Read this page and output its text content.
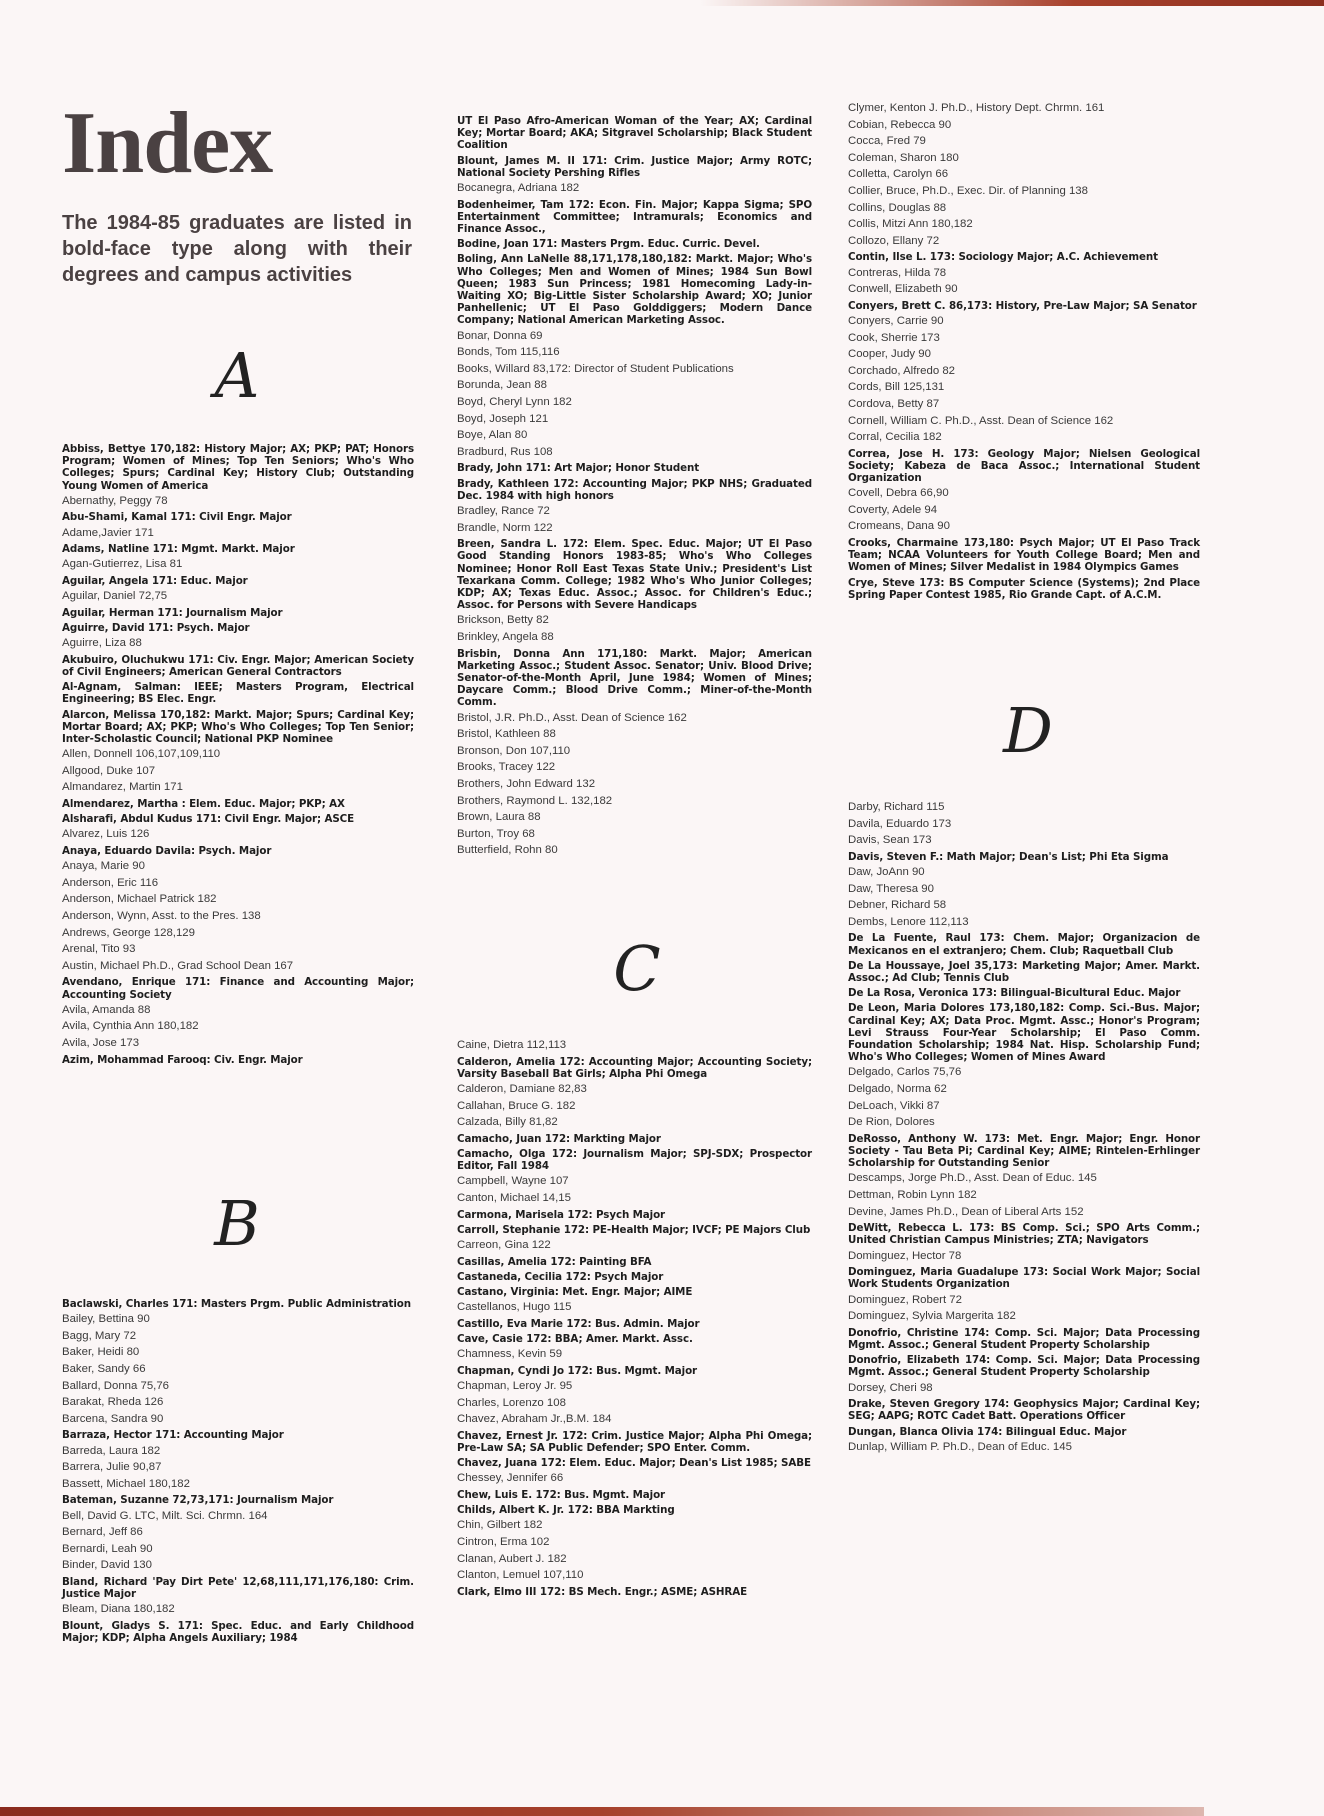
Index
The 1984-85 graduates are listed in bold-face type along with their degrees and campus activities
A
Abbiss, Bettye 170,182: History Major; AX; PKP; PAT; Honors Program; Women of Mines; Top Ten Seniors; Who's Who Colleges; Spurs; Cardinal Key; History Club; Outstanding Young Women of America
Abernathy, Peggy 78
Abu-Shami, Kamal 171: Civil Engr. Major
Adame,Javier 171
Adams, Natline 171: Mgmt. Markt. Major
Agan-Gutierrez, Lisa 81
Aguilar, Angela 171: Educ. Major
Aguilar, Daniel 72,75
Aguilar, Herman 171: Journalism Major
Aguirre, David 171: Psych. Major
Aguirre, Liza 88
Akubuiro, Oluchukwu 171: Civ. Engr. Major; American Society of Civil Engineers; American General Contractors
Al-Agnam, Salman: IEEE; Masters Program, Electrical Engineering; BS Elec. Engr.
Alarcon, Melissa 170,182: Markt. Major; Spurs; Cardinal Key; Mortar Board; AX; PKP; Who's Who Colleges; Top Ten Senior; Inter-Scholastic Council; National PKP Nominee
Allen, Donnell 106,107,109,110
Allgood, Duke 107
Almandarez, Martin 171
Almendarez, Martha : Elem. Educ. Major; PKP; AX
Alsharafi, Abdul Kudus 171: Civil Engr. Major; ASCE
Alvarez, Luis 126
Anaya, Eduardo Davila: Psych. Major
Anaya, Marie 90
Anderson, Eric 116
Anderson, Michael Patrick 182
Anderson, Wynn, Asst. to the Pres. 138
Andrews, George 128,129
Arenal, Tito 93
Austin, Michael Ph.D., Grad School Dean 167
Avendano, Enrique 171: Finance and Accounting Major; Accounting Society
Avila, Amanda 88
Avila, Cynthia Ann 180,182
Avila, Jose 173
Azim, Mohammad Farooq: Civ. Engr. Major
B
Baclawski, Charles 171: Masters Prgm. Public Administration
Bailey, Bettina 90
Bagg, Mary 72
Baker, Heidi 80
Baker, Sandy 66
Ballard, Donna 75,76
Barakat, Rheda 126
Barcena, Sandra 90
Barraza, Hector 171: Accounting Major
Barreda, Laura 182
Barrera, Julie 90,87
Bassett, Michael 180,182
Bateman, Suzanne 72,73,171: Journalism Major
Bell, David G. LTC, Milt. Sci. Chrmn. 164
Bernard, Jeff 86
Bernardi, Leah 90
Binder, David 130
Bland, Richard 'Pay Dirt Pete' 12,68,111,171,176,180: Crim. Justice Major
Bleam, Diana 180,182
Blount, Gladys S. 171: Spec. Educ. and Early Childhood Major; KDP; Alpha Angels Auxiliary; 1984
UT El Paso Afro-American Woman of the Year; AX; Cardinal Key; Mortar Board; AKA; Sitgravel Scholarship; Black Student Coalition
Blount, James M. II 171: Crim. Justice Major; Army ROTC; National Society Pershing Rifles
Bocanegra, Adriana 182
Bodenheimer, Tam 172: Econ. Fin. Major; Kappa Sigma; SPO Entertainment Committee; Intramurals; Economics and Finance Assoc.,
Bodine, Joan 171: Masters Prgm. Educ. Curric. Devel.
Boling, Ann LaNelle 88,171,178,180,182: Markt. Major; Who's Who Colleges; Men and Women of Mines; 1984 Sun Bowl Queen; 1983 Sun Princess; 1981 Homecoming Lady-in-Waiting XO; Big-Little Sister Scholarship Award; XO; Junior Panhellenic; UT El Paso Golddiggers; Modern Dance Company; National American Marketing Assoc.
Bonar, Donna 69
Bonds, Tom 115,116
Books, Willard 83,172: Director of Student Publications
Borunda, Jean 88
Boyd, Cheryl Lynn 182
Boyd, Joseph 121
Boye, Alan 80
Bradburd, Rus 108
Brady, John 171: Art Major; Honor Student
Brady, Kathleen 172: Accounting Major; PKP NHS; Graduated Dec. 1984 with high honors
Bradley, Rance 72
Brandle, Norm 122
Breen, Sandra L. 172: Elem. Spec. Educ. Major; UT El Paso Good Standing Honors 1983-85; Who's Who Colleges Nominee; Honor Roll East Texas State Univ.; President's List Texarkana Comm. College; 1982 Who's Who Junior Colleges; KDP; AX; Texas Educ. Assoc.; Assoc. for Children's Educ.; Assoc. for Persons with Severe Handicaps
Brickson, Betty 82
Brinkley, Angela 88
Brisbin, Donna Ann 171,180: Markt. Major; American Marketing Assoc.; Student Assoc. Senator; Univ. Blood Drive; Senator-of-the-Month April, June 1984; Women of Mines; Daycare Comm.; Blood Drive Comm.; Miner-of-the-Month Comm.
Bristol, J.R. Ph.D., Asst. Dean of Science 162
Bristol, Kathleen 88
Bronson, Don 107,110
Brooks, Tracey 122
Brothers, John Edward 132
Brothers, Raymond L. 132,182
Brown, Laura 88
Burton, Troy 68
Butterfield, Rohn 80
C
Caine, Dietra 112,113
Calderon, Amelia 172: Accounting Major; Accounting Society; Varsity Baseball Bat Girls; Alpha Phi Omega
Calderon, Damiane 82,83
Callahan, Bruce G. 182
Calzada, Billy 81,82
Camacho, Juan 172: Markting Major
Camacho, Olga 172: Journalism Major; SPJ-SDX; Prospector Editor, Fall 1984
Campbell, Wayne 107
Canton, Michael 14,15
Carmona, Marisela 172: Psych Major
Carroll, Stephanie 172: PE-Health Major; IVCF; PE Majors Club
Carreon, Gina 122
Casillas, Amelia 172: Painting BFA
Castaneda, Cecilia 172: Psych Major
Castano, Virginia: Met. Engr. Major; AIME
Castellanos, Hugo 115
Castillo, Eva Marie 172: Bus. Admin. Major
Cave, Casie 172: BBA; Amer. Markt. Assc.
Chamness, Kevin 59
Chapman, Cyndi Jo 172: Bus. Mgmt. Major
Chapman, Leroy Jr. 95
Charles, Lorenzo 108
Chavez, Abraham Jr.,B.M. 184
Chavez, Ernest Jr. 172: Crim. Justice Major; Alpha Phi Omega; Pre-Law SA; SA Public Defender; SPO Enter. Comm.
Chavez, Juana 172: Elem. Educ. Major; Dean's List 1985; SABE
Chessey, Jennifer 66
Chew, Luis E. 172: Bus. Mgmt. Major
Childs, Albert K. Jr. 172: BBA Markting
Chin, Gilbert 182
Cintron, Erma 102
Clanan, Aubert J. 182
Clanton, Lemuel 107,110
Clark, Elmo III 172: BS Mech. Engr.; ASME; ASHRAE
Clymer, Kenton J. Ph.D., History Dept. Chrmn. 161
Cobian, Rebecca 90
Cocca, Fred 79
Coleman, Sharon 180
Colletta, Carolyn 66
Collier, Bruce, Ph.D., Exec. Dir. of Planning 138
Collins, Douglas 88
Collis, Mitzi Ann 180,182
Collozo, Ellany 72
Contin, Ilse L. 173: Sociology Major; A.C. Achievement
Contreras, Hilda 78
Conwell, Elizabeth 90
Conyers, Brett C. 86,173: History, Pre-Law Major; SA Senator
Conyers, Carrie 90
Cook, Sherrie 173
Cooper, Judy 90
Corchado, Alfredo 82
Cords, Bill 125,131
Cordova, Betty 87
Cornell, William C. Ph.D., Asst. Dean of Science 162
Corral, Cecilia 182
Correa, Jose H. 173: Geology Major; Nielsen Geological Society; Kabeza de Baca Assoc.; International Student Organization
Covell, Debra 66,90
Coverty, Adele 94
Cromeans, Dana 90
Crooks, Charmaine 173,180: Psych Major; UT El Paso Track Team; NCAA Volunteers for Youth College Board; Men and Women of Mines; Silver Medalist in 1984 Olympics Games
Crye, Steve 173: BS Computer Science (Systems); 2nd Place Spring Paper Contest 1985, Rio Grande Capt. of A.C.M.
D
Darby, Richard 115
Davila, Eduardo 173
Davis, Sean 173
Davis, Steven F.: Math Major; Dean's List; Phi Eta Sigma
Daw, JoAnn 90
Daw, Theresa 90
Debner, Richard 58
Dembs, Lenore 112,113
De La Fuente, Raul 173: Chem. Major; Organizacion de Mexicanos en el extranjero; Chem. Club; Raquetball Club
De La Houssaye, Joel 35,173: Marketing Major; Amer. Markt. Assoc.; Ad Club; Tennis Club
De La Rosa, Veronica 173: Bilingual-Bicultural Educ. Major
De Leon, Maria Dolores 173,180,182: Comp. Sci.-Bus. Major; Cardinal Key; AX; Data Proc. Mgmt. Assc.; Honor's Program; Levi Strauss Four-Year Scholarship; El Paso Comm. Foundation Scholarship; 1984 Nat. Hisp. Scholarship Fund; Who's Who Colleges; Women of Mines Award
Delgado, Carlos 75,76
Delgado, Norma 62
DeLoach, Vikki 87
De Rion, Dolores
DeRosso, Anthony W. 173: Met. Engr. Major; Engr. Honor Society - Tau Beta Pi; Cardinal Key; AIME; Rintelen-Erhlinger Scholarship for Outstanding Senior
Descamps, Jorge Ph.D., Asst. Dean of Educ. 145
Dettman, Robin Lynn 182
Devine, James Ph.D., Dean of Liberal Arts 152
DeWitt, Rebecca L. 173: BS Comp. Sci.; SPO Arts Comm.; United Christian Campus Ministries; ZTA; Navigators
Dominguez, Hector 78
Dominguez, Maria Guadalupe 173: Social Work Major; Social Work Students Organization
Dominguez, Robert 72
Dominguez, Sylvia Margerita 182
Donofrio, Christine 174: Comp. Sci. Major; Data Processing Mgmt. Assoc.; General Student Property Scholarship
Donofrio, Elizabeth 174: Comp. Sci. Major; Data Processing Mgmt. Assoc.; General Student Property Scholarship
Dorsey, Cheri 98
Drake, Steven Gregory 174: Geophysics Major; Cardinal Key; SEG; AAPG; ROTC Cadet Batt. Operations Officer
Dungan, Blanca Olivia 174: Bilingual Educ. Major
Dunlap, William P. Ph.D., Dean of Educ. 145
